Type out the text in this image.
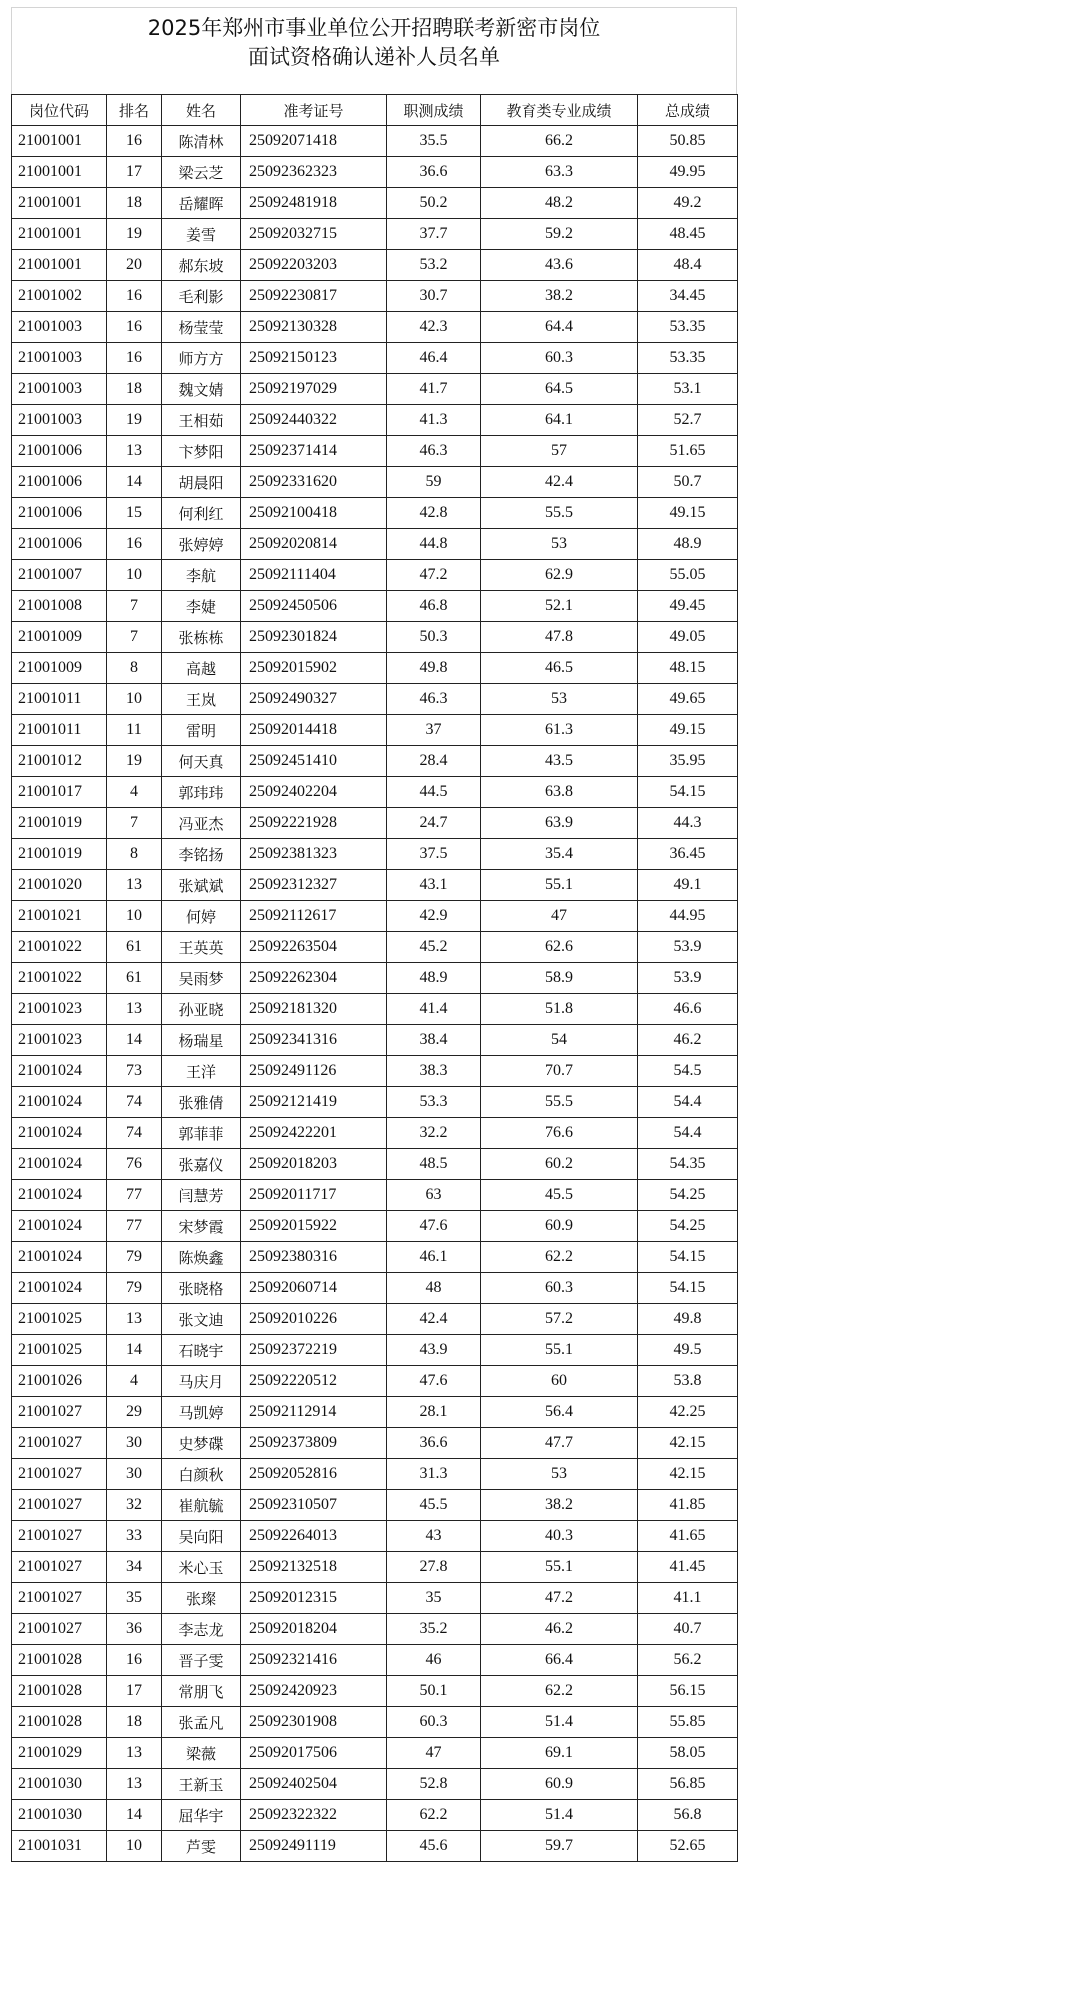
2025年郑州市事业单位公开招聘联考新密市岗位
面试资格确认递补人员名单
岗位代码	排名	姓名	准考证号	职测成绩	教育类专业成绩	总成绩
21001001	16	陈清林	25092071418	35.5	66.2	50.85
21001001	17	梁云芝	25092362323	36.6	63.3	49.95
21001001	18	岳耀晖	25092481918	50.2	48.2	49.2
21001001	19	姜雪	25092032715	37.7	59.2	48.45
21001001	20	郝东坡	25092203203	53.2	43.6	48.4
21001002	16	毛利影	25092230817	30.7	38.2	34.45
21001003	16	杨莹莹	25092130328	42.3	64.4	53.35
21001003	16	师方方	25092150123	46.4	60.3	53.35
21001003	18	魏文婧	25092197029	41.7	64.5	53.1
21001003	19	王相茹	25092440322	41.3	64.1	52.7
21001006	13	卞梦阳	25092371414	46.3	57	51.65
21001006	14	胡晨阳	25092331620	59	42.4	50.7
21001006	15	何利红	25092100418	42.8	55.5	49.15
21001006	16	张婷婷	25092020814	44.8	53	48.9
21001007	10	李航	25092111404	47.2	62.9	55.05
21001008	7	李婕	25092450506	46.8	52.1	49.45
21001009	7	张栋栋	25092301824	50.3	47.8	49.05
21001009	8	高越	25092015902	49.8	46.5	48.15
21001011	10	王岚	25092490327	46.3	53	49.65
21001011	11	雷明	25092014418	37	61.3	49.15
21001012	19	何天真	25092451410	28.4	43.5	35.95
21001017	4	郭玮玮	25092402204	44.5	63.8	54.15
21001019	7	冯亚杰	25092221928	24.7	63.9	44.3
21001019	8	李铭扬	25092381323	37.5	35.4	36.45
21001020	13	张斌斌	25092312327	43.1	55.1	49.1
21001021	10	何婷	25092112617	42.9	47	44.95
21001022	61	王英英	25092263504	45.2	62.6	53.9
21001022	61	吴雨梦	25092262304	48.9	58.9	53.9
21001023	13	孙亚晓	25092181320	41.4	51.8	46.6
21001023	14	杨瑞星	25092341316	38.4	54	46.2
21001024	73	王洋	25092491126	38.3	70.7	54.5
21001024	74	张雅倩	25092121419	53.3	55.5	54.4
21001024	74	郭菲菲	25092422201	32.2	76.6	54.4
21001024	76	张嘉仪	25092018203	48.5	60.2	54.35
21001024	77	闫慧芳	25092011717	63	45.5	54.25
21001024	77	宋梦霞	25092015922	47.6	60.9	54.25
21001024	79	陈焕鑫	25092380316	46.1	62.2	54.15
21001024	79	张晓格	25092060714	48	60.3	54.15
21001025	13	张文迪	25092010226	42.4	57.2	49.8
21001025	14	石晓宇	25092372219	43.9	55.1	49.5
21001026	4	马庆月	25092220512	47.6	60	53.8
21001027	29	马凯婷	25092112914	28.1	56.4	42.25
21001027	30	史梦碟	25092373809	36.6	47.7	42.15
21001027	30	白颜秋	25092052816	31.3	53	42.15
21001027	32	崔航毓	25092310507	45.5	38.2	41.85
21001027	33	吴向阳	25092264013	43	40.3	41.65
21001027	34	米心玉	25092132518	27.8	55.1	41.45
21001027	35	张璨	25092012315	35	47.2	41.1
21001027	36	李志龙	25092018204	35.2	46.2	40.7
21001028	16	晋子雯	25092321416	46	66.4	56.2
21001028	17	常朋飞	25092420923	50.1	62.2	56.15
21001028	18	张孟凡	25092301908	60.3	51.4	55.85
21001029	13	梁薇	25092017506	47	69.1	58.05
21001030	13	王新玉	25092402504	52.8	60.9	56.85
21001030	14	屈华宇	25092322322	62.2	51.4	56.8
21001031	10	芦雯	25092491119	45.6	59.7	52.65
